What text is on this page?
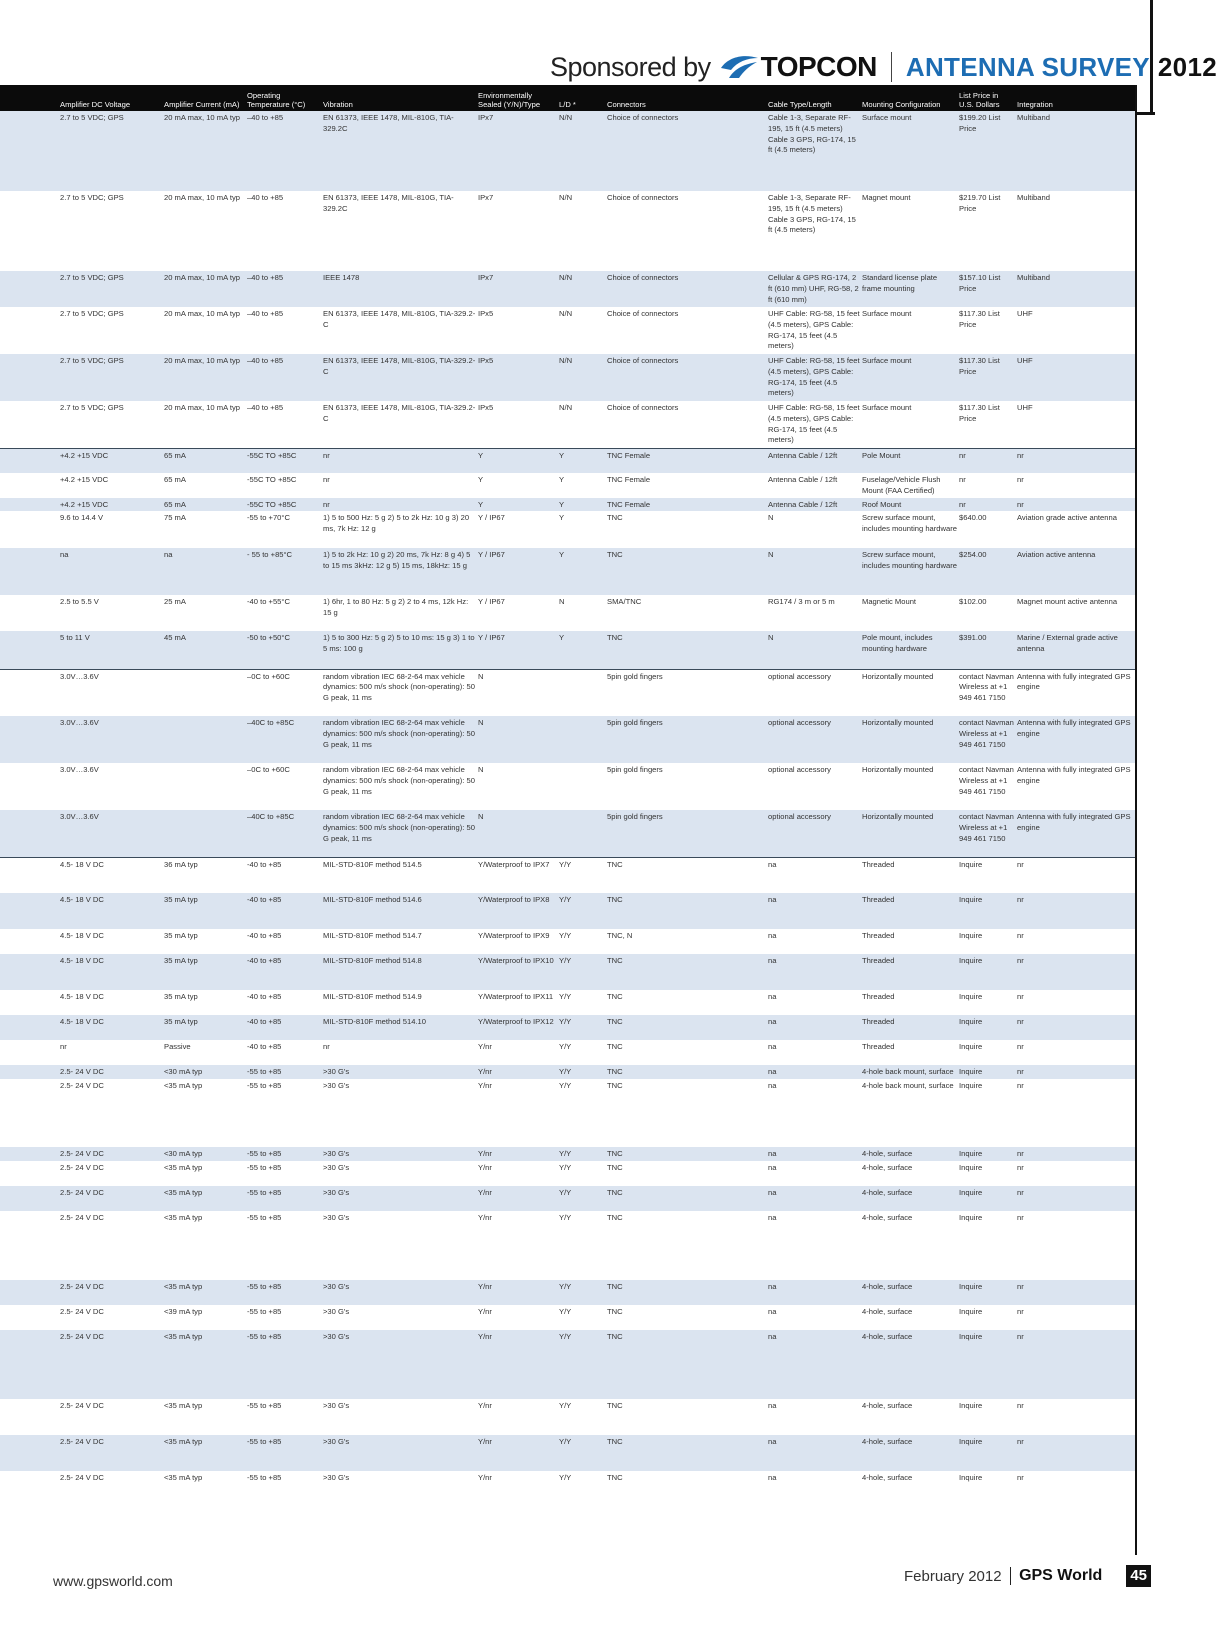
Sponsored by TOPCON ANTENNA SURVEY 2012
	Amplifier DC Voltage	Amplifier Current (mA)	Operating Temperature (°C)	Vibration	Environmentally Sealed (Y/N)/Type	L/D *	Connectors	Cable Type/Length	Mounting Configuration	List Price in U.S. Dollars	Integration
	2.7 to 5 VDC; GPS	20 mA max, 10 mA typ	–40 to +85	EN 61373, IEEE 1478, MIL-810G, TIA-329.2C	IPx7	N/N	Choice of connectors	Cable 1-3, Separate RF-195, 15 ft (4.5 meters) Cable 3 GPS, RG-174, 15 ft (4.5 meters)	Surface mount	$199.20 List Price	Multiband
	2.7 to 5 VDC; GPS	20 mA max, 10 mA typ	–40 to +85	EN 61373, IEEE 1478, MIL-810G, TIA-329.2C	IPx7	N/N	Choice of connectors	Cable 1-3, Separate RF-195, 15 ft (4.5 meters) Cable 3 GPS, RG-174, 15 ft (4.5 meters)	Magnet mount	$219.70 List Price	Multiband
	2.7 to 5 VDC; GPS	20 mA max, 10 mA typ	–40 to +85	IEEE 1478	IPx7	N/N	Choice of connectors	Cellular & GPS RG-174, 2 ft (610 mm) UHF, RG-58, 2 ft (610 mm)	Standard license plate frame mounting	$157.10 List Price	Multiband
	2.7 to 5 VDC; GPS	20 mA max, 10 mA typ	–40 to +85	EN 61373, IEEE 1478, MIL-810G, TIA-329.2-C	IPx5	N/N	Choice of connectors	UHF Cable: RG-58, 15 feet (4.5 meters), GPS Cable: RG-174, 15 feet (4.5 meters)	Surface mount	$117.30 List Price	UHF
	2.7 to 5 VDC; GPS	20 mA max, 10 mA typ	–40 to +85	EN 61373, IEEE 1478, MIL-810G, TIA-329.2-C	IPx5	N/N	Choice of connectors	UHF Cable: RG-58, 15 feet (4.5 meters), GPS Cable: RG-174, 15 feet (4.5 meters)	Surface mount	$117.30 List Price	UHF
	2.7 to 5 VDC; GPS	20 mA max, 10 mA typ	–40 to +85	EN 61373, IEEE 1478, MIL-810G, TIA-329.2-C	IPx5	N/N	Choice of connectors	UHF Cable: RG-58, 15 feet (4.5 meters), GPS Cable: RG-174, 15 feet (4.5 meters)	Surface mount	$117.30 List Price	UHF
	+4.2 +15 VDC	65 mA	-55C TO +85C	nr	Y	Y	TNC Female	Antenna Cable / 12ft	Pole Mount	nr	nr
	+4.2 +15 VDC	65 mA	-55C TO +85C	nr	Y	Y	TNC Female	Antenna Cable / 12ft	Fuselage/Vehicle Flush Mount (FAA Certified)	nr	nr
	+4.2 +15 VDC	65 mA	-55C TO +85C	nr	Y	Y	TNC Female	Antenna Cable / 12ft	Roof Mount	nr	nr
	9.6 to 14.4 V	75 mA	-55 to +70°C	1) 5 to 500 Hz: 5 g 2) 5 to 2k Hz: 10 g 3) 20 ms, 7k Hz: 12 g	Y / IP67	Y	TNC	N	Screw surface mount, includes mounting hardware	$640.00	Aviation grade active antenna
	na	na	- 55 to +85°C	1) 5 to 2k Hz: 10 g 2) 20 ms, 7k Hz: 8 g 4) 5 to 15 ms 3kHz: 12 g 5) 15 ms, 18kHz: 15 g	Y / IP67	Y	TNC	N	Screw surface mount, includes mounting hardware	$254.00	Aviation active antenna
	2.5 to 5.5 V	25 mA	-40 to +55°C	1) 6hr, 1 to 80 Hz: 5 g 2) 2 to 4 ms, 12k Hz: 15 g	Y / IP67	N	SMA/TNC	RG174 / 3 m or 5 m	Magnetic Mount	$102.00	Magnet mount active antenna
	5 to 11 V	45 mA	-50 to +50°C	1) 5 to 300 Hz: 5 g 2) 5 to 10 ms: 15 g 3) 1 to 5 ms: 100 g	Y / IP67	Y	TNC	N	Pole mount, includes mounting hardware	$391.00	Marine / External grade active antenna
	3.0V…3.6V		–0C to +60C	random vibration IEC 68-2-64 max vehicle dynamics: 500 m/s shock (non-operating): 50 G peak, 11 ms	N		5pin gold fingers	optional accessory	Horizontally mounted	contact Navman Wireless at +1 949 461 7150	Antenna with fully integrated GPS engine
	3.0V…3.6V		–40C to +85C	random vibration IEC 68-2-64 max vehicle dynamics: 500 m/s shock (non-operating): 50 G peak, 11 ms	N		5pin gold fingers	optional accessory	Horizontally mounted	contact Navman Wireless at +1 949 461 7150	Antenna with fully integrated GPS engine
	3.0V…3.6V		–0C to +60C	random vibration IEC 68-2-64 max vehicle dynamics: 500 m/s shock (non-operating): 50 G peak, 11 ms	N		5pin gold fingers	optional accessory	Horizontally mounted	contact Navman Wireless at +1 949 461 7150	Antenna with fully integrated GPS engine
	3.0V…3.6V		–40C to +85C	random vibration IEC 68-2-64 max vehicle dynamics: 500 m/s shock (non-operating): 50 G peak, 11 ms	N		5pin gold fingers	optional accessory	Horizontally mounted	contact Navman Wireless at +1 949 461 7150	Antenna with fully integrated GPS engine
	4.5- 18 V DC	36 mA typ	-40 to +85	MIL-STD-810F method 514.5	Y/Waterproof to IPX7	Y/Y	TNC	na	Threaded	Inquire	nr
	4.5- 18 V DC	35 mA typ	-40 to +85	MIL-STD-810F method 514.6	Y/Waterproof to IPX8	Y/Y	TNC	na	Threaded	Inquire	nr
	4.5- 18 V DC	35 mA typ	-40 to +85	MIL-STD-810F method 514.7	Y/Waterproof to IPX9	Y/Y	TNC, N	na	Threaded	Inquire	nr
	4.5- 18 V DC	35 mA typ	-40 to +85	MIL-STD-810F method 514.8	Y/Waterproof to IPX10	Y/Y	TNC	na	Threaded	Inquire	nr
	4.5- 18 V DC	35 mA typ	-40 to +85	MIL-STD-810F method 514.9	Y/Waterproof to IPX11	Y/Y	TNC	na	Threaded	Inquire	nr
	4.5- 18 V DC	35 mA typ	-40 to +85	MIL-STD-810F method 514.10	Y/Waterproof to IPX12	Y/Y	TNC	na	Threaded	Inquire	nr
	nr	Passive	-40 to +85	nr	Y/nr	Y/Y	TNC	na	Threaded	Inquire	nr
	2.5- 24 V DC	<30 mA typ	-55 to +85	>30 G's	Y/nr	Y/Y	TNC	na	4-hole back mount, surface	Inquire	nr
	2.5- 24 V DC	<35 mA typ	-55 to +85	>30 G's	Y/nr	Y/Y	TNC	na	4-hole back mount, surface	Inquire	nr
	2.5- 24 V DC	<30 mA typ	-55 to +85	>30 G's	Y/nr	Y/Y	TNC	na	4-hole, surface	Inquire	nr
	2.5- 24 V DC	<35 mA typ	-55 to +85	>30 G's	Y/nr	Y/Y	TNC	na	4-hole, surface	Inquire	nr
	2.5- 24 V DC	<35 mA typ	-55 to +85	>30 G's	Y/nr	Y/Y	TNC	na	4-hole, surface	Inquire	nr
	2.5- 24 V DC	<35 mA typ	-55 to +85	>30 G's	Y/nr	Y/Y	TNC	na	4-hole, surface	Inquire	nr
	2.5- 24 V DC	<35 mA typ	-55 to +85	>30 G's	Y/nr	Y/Y	TNC	na	4-hole, surface	Inquire	nr
	2.5- 24 V DC	<39 mA typ	-55 to +85	>30 G's	Y/nr	Y/Y	TNC	na	4-hole, surface	Inquire	nr
	2.5- 24 V DC	<35 mA typ	-55 to +85	>30 G's	Y/nr	Y/Y	TNC	na	4-hole, surface	Inquire	nr
	2.5- 24 V DC	<35 mA typ	-55 to +85	>30 G's	Y/nr	Y/Y	TNC	na	4-hole, surface	Inquire	nr
	2.5- 24 V DC	<35 mA typ	-55 to +85	>30 G's	Y/nr	Y/Y	TNC	na	4-hole, surface	Inquire	nr
	2.5- 24 V DC	<35 mA typ	-55 to +85	>30 G's	Y/nr	Y/Y	TNC	na	4-hole, surface	Inquire	nr
www.gpsworld.com	February 2012 GPS World 45
